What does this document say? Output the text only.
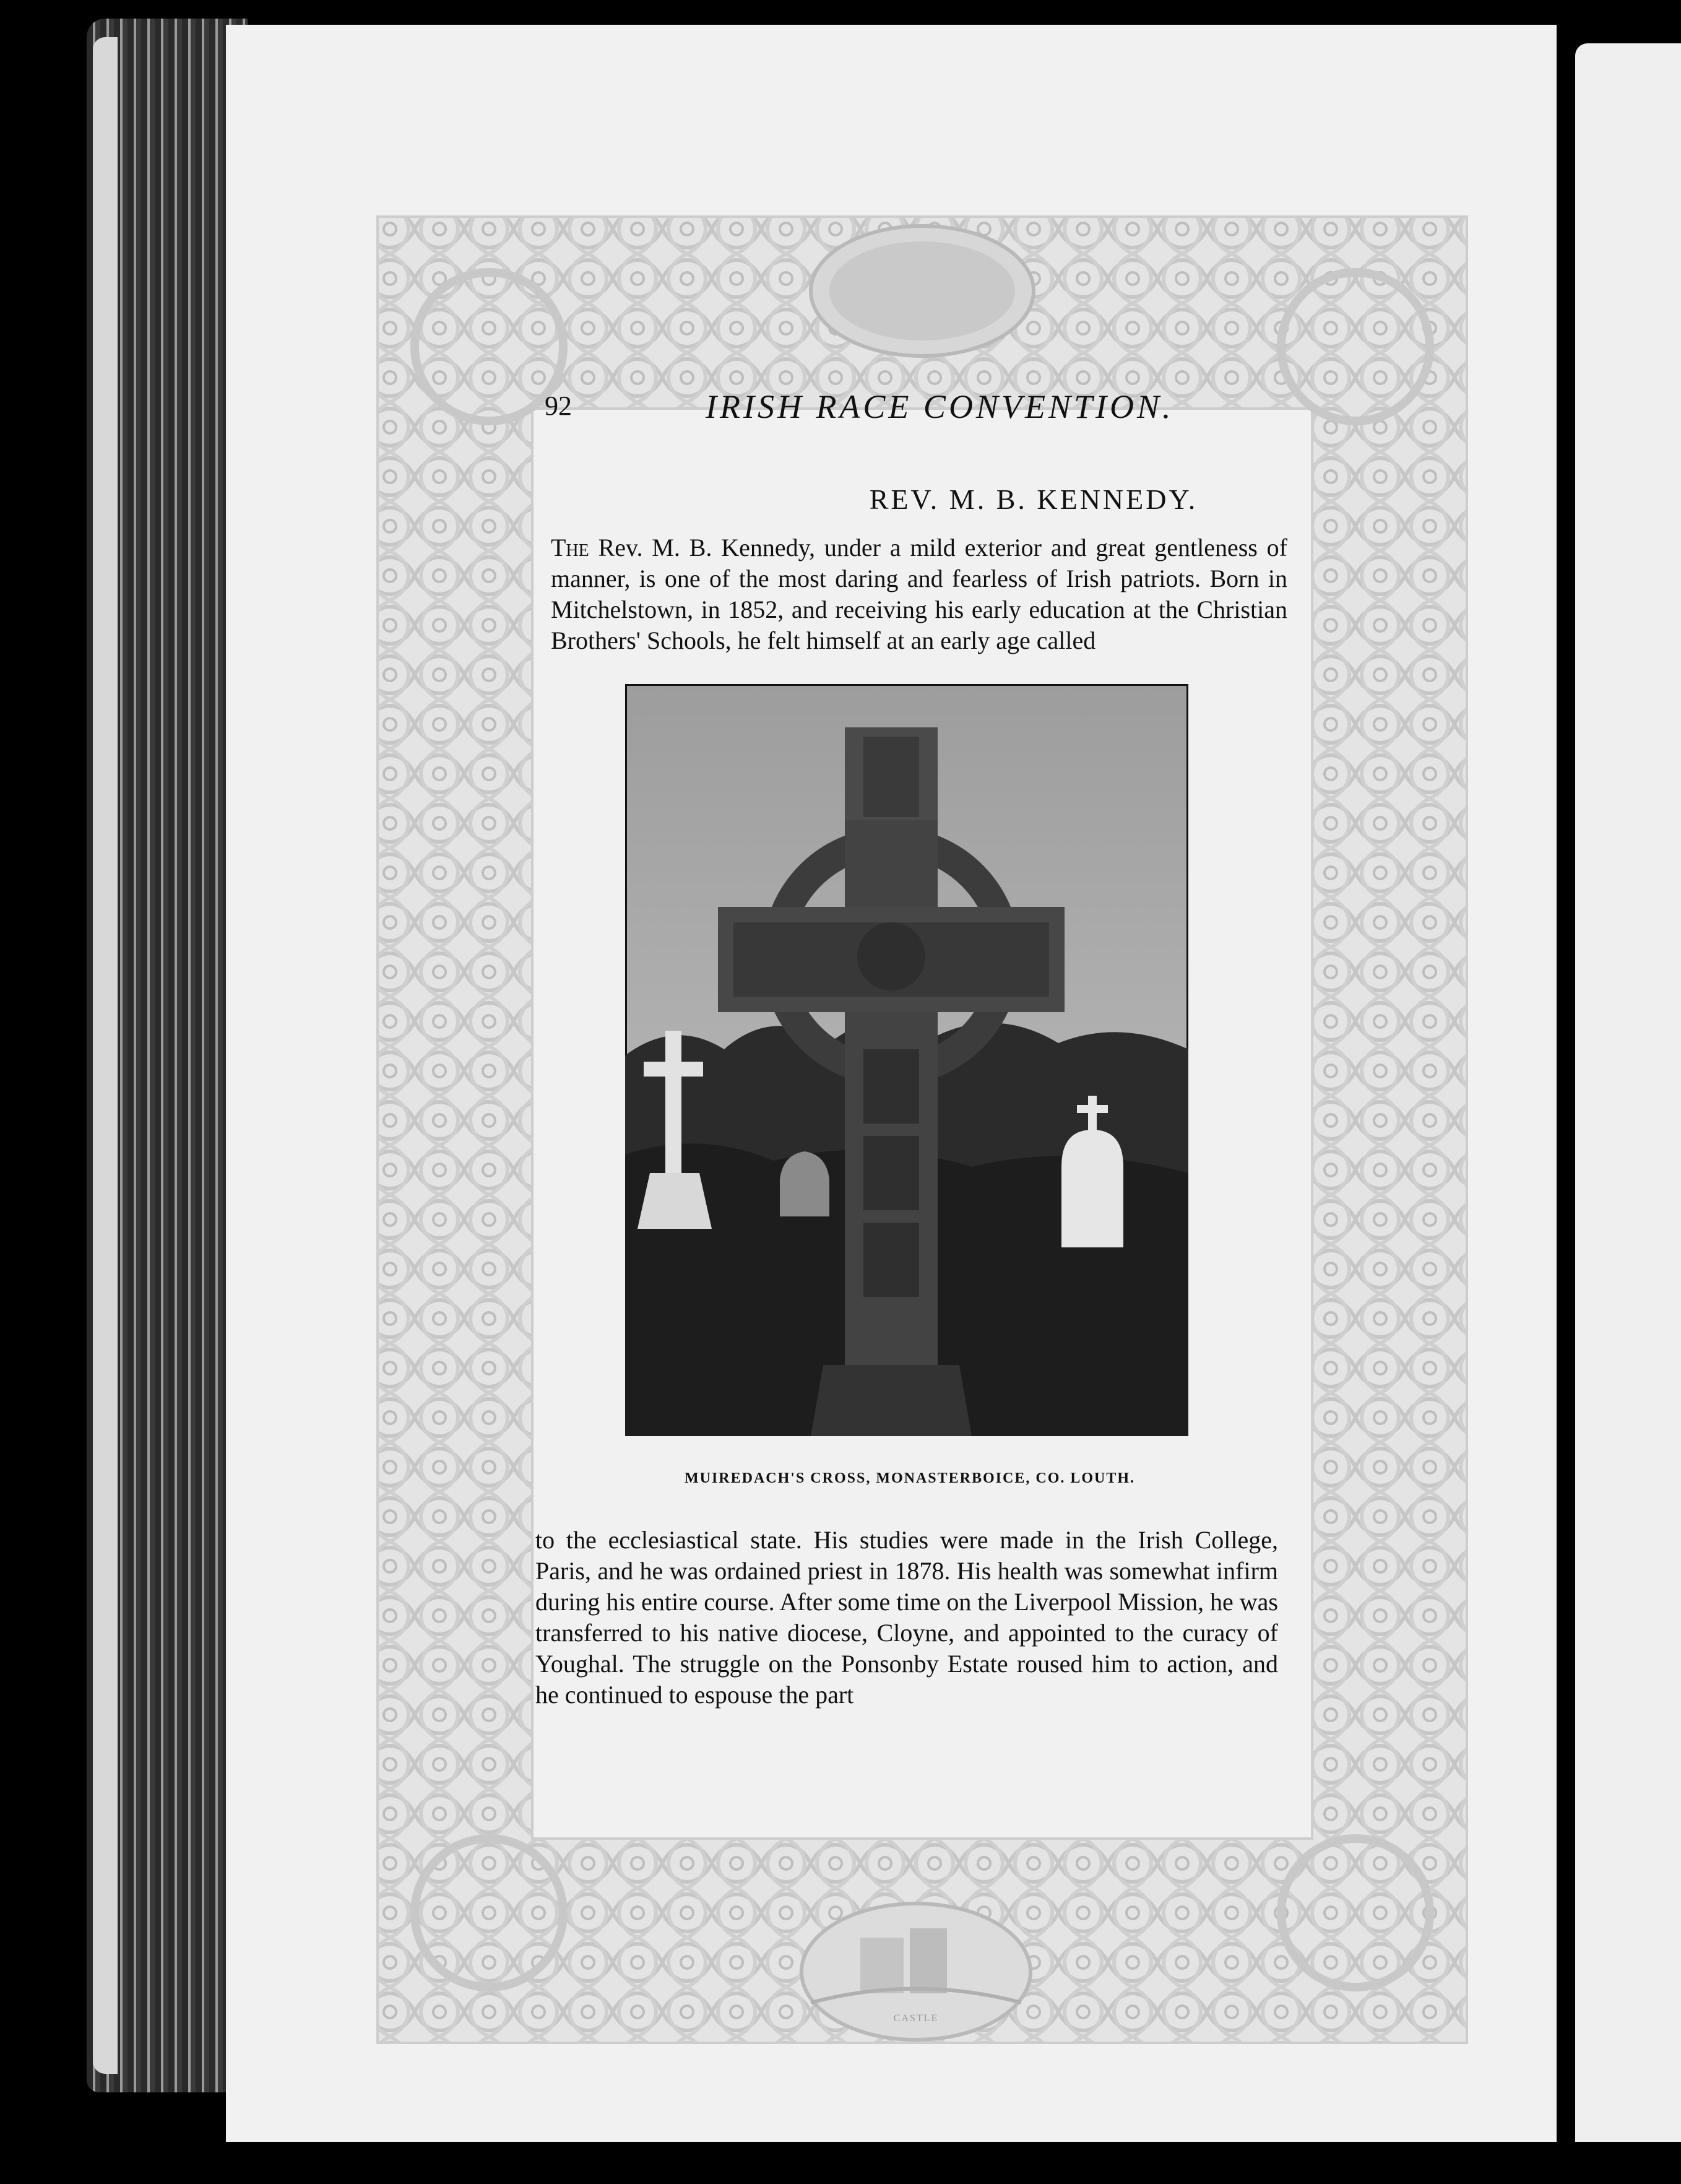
CASTLE
92	IRISH RACE CONVENTION.
REV. M. B. KENNEDY.

The Rev. M. B. Kennedy, under a mild exterior and great gentleness of manner, is one of the most daring and fearless of Irish patriots. Born in Mitchelstown, in 1852, and receiving his early education at the Christian Brothers' Schools, he felt himself at an early age called

MUIREDACH'S CROSS, MONASTERBOICE, CO. LOUTH.

to the ecclesiastical state. His studies were made in the Irish College, Paris, and he was ordained priest in 1878. His health was somewhat infirm during his entire course. After some time on the Liverpool Mission, he was transferred to his native diocese, Cloyne, and appointed to the curacy of Youghal. The struggle on the Ponsonby Estate roused him to action, and he continued to espouse the part
